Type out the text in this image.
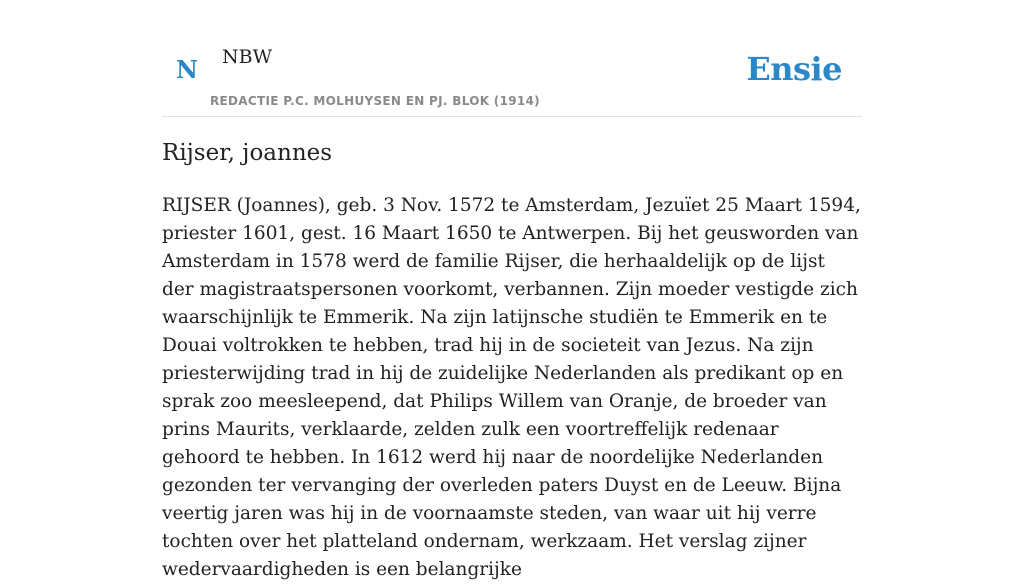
N NBW
REDACTIE P.C. MOLHUYSEN EN PJ. BLOK (1914)
Ensie
Rijser, joannes

RIJSER (Joannes), geb. 3 Nov. 1572 te Amsterdam, Jezuïet 25 Maart 1594, priester 1601, gest. 16 Maart 1650 te Antwerpen. Bij het geusworden van Amsterdam in 1578 werd de familie Rijser, die herhaaldelijk op de lijst der magistraatspersonen voorkomt, verbannen. Zijn moeder vestigde zich waarschijnlijk te Emmerik. Na zijn latijnsche studiën te Emmerik en te Douai voltrokken te hebben, trad hij in de societeit van Jezus. Na zijn priesterwijding trad in hij de zuidelijke Nederlanden als predikant op en sprak zoo meesleepend, dat Philips Willem van Oranje, de broeder van prins Maurits, verklaarde, zelden zulk een voortreffelijk redenaar gehoord te hebben. In 1612 werd hij naar de noordelijke Nederlanden gezonden ter vervanging der overleden paters Duyst en de Leeuw. Bijna veertig jaren was hij in de voornaamste steden, van waar uit hij verre tochten over het platteland ondernam, werkzaam. Het verslag zijner wedervaardigheden is een belangrijke
